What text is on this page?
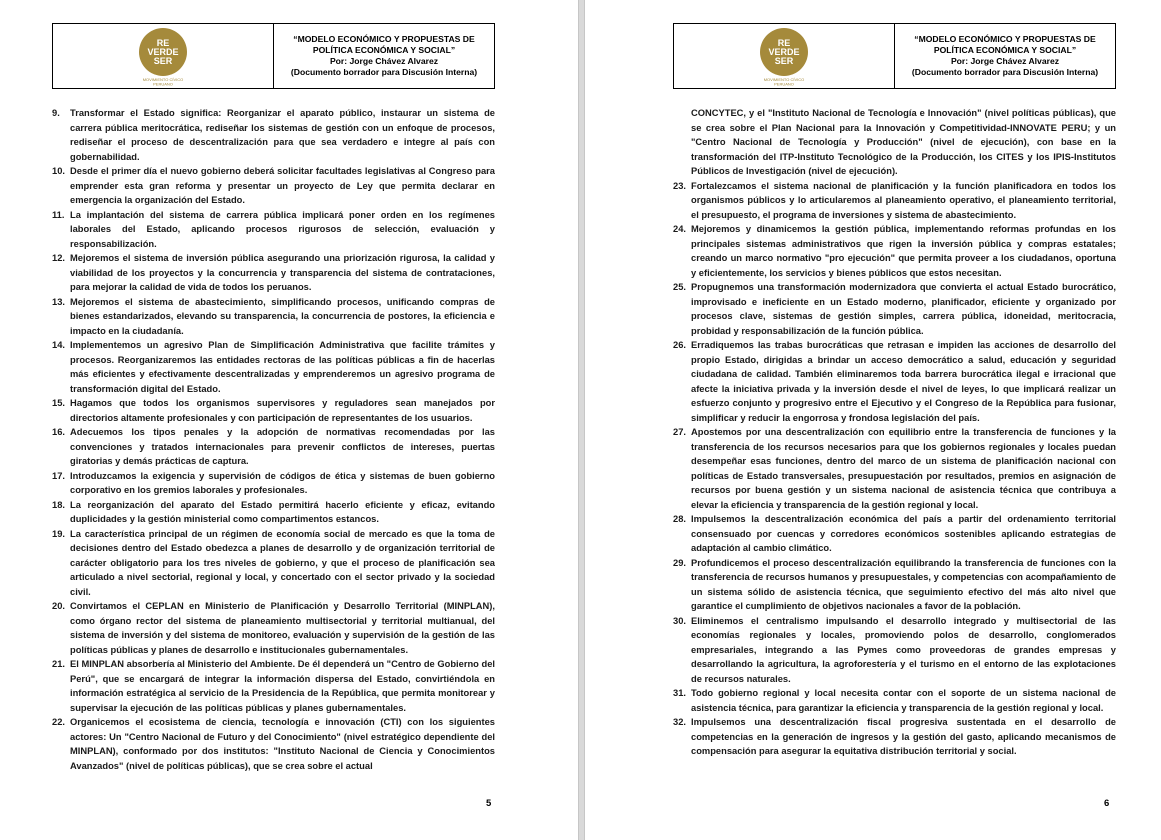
RE
VERDE
SER
MOVIMIENTO CÍVICO
PERUANO
“MODELO ECONÓMICO Y PROPUESTAS DE
POLÍTICA ECONÓMICA Y SOCIAL”
Por: Jorge Chávez Alvarez
(Documento borrador para Discusión Interna)
9.	Transformar el Estado significa: Reorganizar el aparato público, instaurar un sistema de carrera pública meritocrática, rediseñar los sistemas de gestión con un enfoque de procesos, rediseñar el proceso de descentralización para que sea verdadero e integre al país con gobernabilidad.
10. Desde el primer día el nuevo gobierno deberá solicitar facultades legislativas al Congreso para emprender esta gran reforma y presentar un proyecto de Ley que permita declarar en emergencia la organización del Estado.
11. La implantación del sistema de carrera pública implicará poner orden en los regímenes laborales del Estado, aplicando procesos rigurosos de selección, evaluación y responsabilización.
12. Mejoremos el sistema de inversión pública asegurando una priorización rigurosa, la calidad y viabilidad de los proyectos y la concurrencia y transparencia del sistema de contrataciones, para mejorar la calidad de vida de todos los peruanos.
13. Mejoremos el sistema de abastecimiento, simplificando procesos, unificando compras de bienes estandarizados, elevando su transparencia, la concurrencia de postores, la eficiencia e impacto en la ciudadanía.
14. Implementemos un agresivo Plan de Simplificación Administrativa que facilite trámites y procesos. Reorganizaremos las entidades rectoras de las políticas públicas a fin de hacerlas más eficientes y efectivamente descentralizadas y emprenderemos un agresivo programa de transformación digital del Estado.
15. Hagamos que todos los organismos supervisores y reguladores sean manejados por directorios altamente profesionales y con participación de representantes de los usuarios.
16. Adecuemos los tipos penales y la adopción de normativas recomendadas por las convenciones y tratados internacionales para prevenir conflictos de intereses, puertas giratorias y demás prácticas de captura.
17. Introduzcamos la exigencia y supervisión de códigos de ética y sistemas de buen gobierno corporativo en los gremios laborales y profesionales.
18. La reorganización del aparato del Estado permitirá hacerlo eficiente y eficaz, evitando duplicidades y la gestión ministerial como compartimentos estancos.
19. La característica principal de un régimen de economía social de mercado es que la toma de decisiones dentro del Estado obedezca a planes de desarrollo y de organización territorial de carácter obligatorio para los tres niveles de gobierno, y que el proceso de planificación sea articulado a nivel sectorial, regional y local, y concertado con el sector privado y la sociedad civil.
20. Convirtamos el CEPLAN en Ministerio de Planificación y Desarrollo Territorial (MINPLAN), como órgano rector del sistema de planeamiento multisectorial y territorial multianual, del sistema de inversión y del sistema de monitoreo, evaluación y supervisión de la gestión de las políticas públicas y planes de desarrollo e institucionales gubernamentales.
21. El MINPLAN absorbería al Ministerio del Ambiente. De él dependerá un "Centro de Gobierno del Perú", que se encargará de integrar la información dispersa del Estado, convirtiéndola en información estratégica al servicio de la Presidencia de la República, que permita monitorear y supervisar la ejecución de las políticas públicas y planes gubernamentales.
22. Organicemos el ecosistema de ciencia, tecnología e innovación (CTI) con los siguientes actores: Un "Centro Nacional de Futuro y del Conocimiento" (nivel estratégico dependiente del MINPLAN), conformado por dos institutos: "Instituto Nacional de Ciencia y Conocimientos Avanzados" (nivel de políticas públicas), que se crea sobre el actual
5
RE
VERDE
SER
MOVIMIENTO CÍVICO
PERUANO
“MODELO ECONÓMICO Y PROPUESTAS DE
POLÍTICA ECONÓMICA Y SOCIAL”
Por: Jorge Chávez Alvarez
(Documento borrador para Discusión Interna)
CONCYTEC, y el "Instituto Nacional de Tecnología e Innovación" (nivel políticas públicas), que se crea sobre el Plan Nacional para la Innovación y Competitividad-INNOVATE PERU; y un "Centro Nacional de Tecnología y Producción" (nivel de ejecución), con base en la transformación del ITP-Instituto Tecnológico de la Producción, los CITES y los IPIS-Institutos Públicos de Investigación (nivel de ejecución).
23. Fortalezcamos el sistema nacional de planificación y la función planificadora en todos los organismos públicos y lo articularemos al planeamiento operativo, el planeamiento territorial, el presupuesto, el programa de inversiones y sistema de abastecimiento.
24. Mejoremos y dinamicemos la gestión pública, implementando reformas profundas en los principales sistemas administrativos que rigen la inversión pública y compras estatales; creando un marco normativo "pro ejecución" que permita proveer a los ciudadanos, oportuna y eficientemente, los servicios y bienes públicos que estos necesitan.
25. Propugnemos una transformación modernizadora que convierta el actual Estado burocrático, improvisado e ineficiente en un Estado moderno, planificador, eficiente y organizado por procesos clave, sistemas de gestión simples, carrera pública, idoneidad, meritocracia, probidad y responsabilización de la función pública.
26. Erradiquemos las trabas burocráticas que retrasan e impiden las acciones de desarrollo del propio Estado, dirigidas a brindar un acceso democrático a salud, educación y seguridad ciudadana de calidad. También eliminaremos toda barrera burocrática ilegal e irracional que afecte la iniciativa privada y la inversión desde el nivel de leyes, lo que implicará realizar un esfuerzo conjunto y progresivo entre el Ejecutivo y el Congreso de la República para fusionar, simplificar y reducir la engorrosa y frondosa legislación del país.
27. Apostemos por una descentralización con equilibrio entre la transferencia de funciones y la transferencia de los recursos necesarios para que los gobiernos regionales y locales puedan desempeñar esas funciones, dentro del marco de un sistema de planificación nacional con políticas de Estado transversales, presupuestación por resultados, premios en asignación de recursos por buena gestión y un sistema nacional de asistencia técnica que contribuya a elevar la eficiencia y transparencia de la gestión regional y local.
28. Impulsemos la descentralización económica del país a partir del ordenamiento territorial consensuado por cuencas y corredores económicos sostenibles aplicando estrategias de adaptación al cambio climático.
29. Profundicemos el proceso descentralización equilibrando la transferencia de funciones con la transferencia de recursos humanos y presupuestales, y competencias con acompañamiento de un sistema sólido de asistencia técnica, que seguimiento efectivo del más alto nivel que garantice el cumplimiento de objetivos nacionales a favor de la población.
30. Eliminemos el centralismo impulsando el desarrollo integrado y multisectorial de las economías regionales y locales, promoviendo polos de desarrollo, conglomerados empresariales, integrando a las Pymes como proveedoras de grandes empresas y desarrollando la agricultura, la agroforestería y el turismo en el entorno de las explotaciones de recursos naturales.
31. Todo gobierno regional y local necesita contar con el soporte de un sistema nacional de asistencia técnica, para garantizar la eficiencia y transparencia de la gestión regional y local.
32. Impulsemos una descentralización fiscal progresiva sustentada en el desarrollo de competencias en la generación de ingresos y la gestión del gasto, aplicando mecanismos de compensación para asegurar la equitativa distribución territorial y social.
6
